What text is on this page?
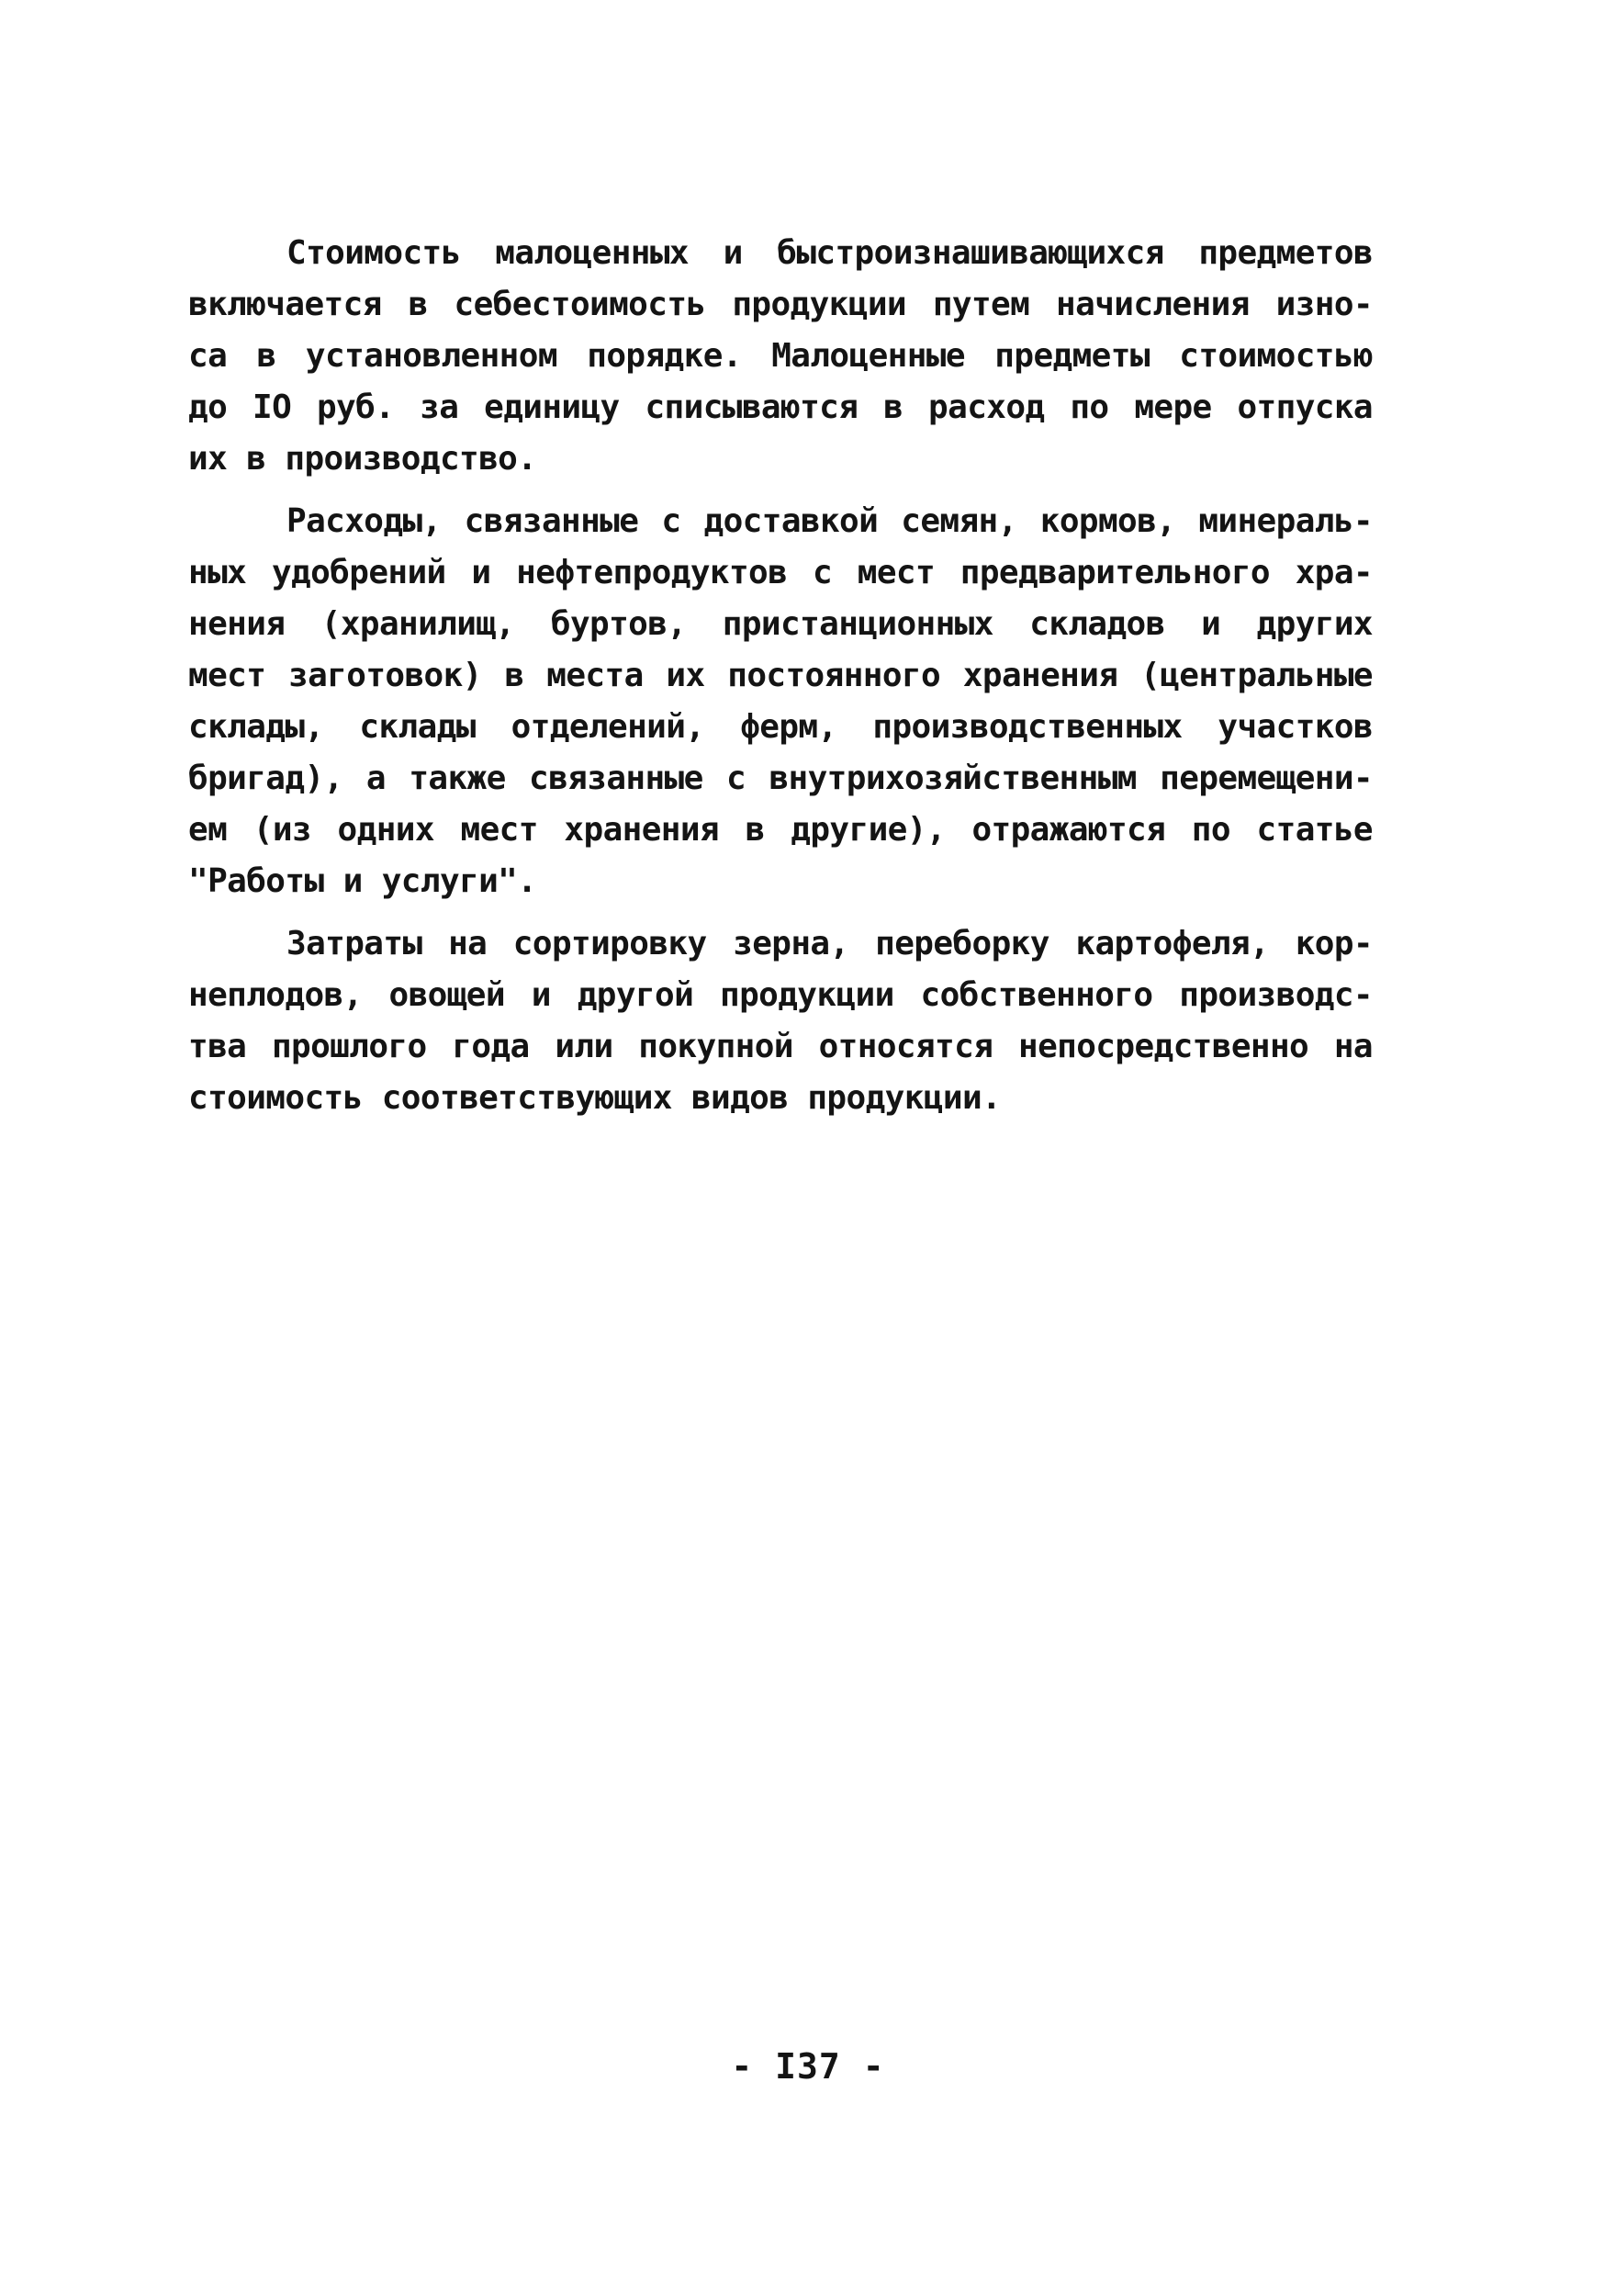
Стоимость малоценных и быстроизнашивающихся предметов
включается в себестоимость продукции путем начисления изно-
са в установленном порядке. Малоценные предметы стоимостью
до IO руб. за единицу списываются в расход по мере отпуска
их в производство.
Расходы, связанные с доставкой семян, кормов, минераль-
ных удобрений и нефтепродуктов с мест предварительного хра-
нения (хранилищ, буртов, пристанционных складов и других
мест заготовок) в места их постоянного хранения (центральные
склады, склады отделений, ферм, производственных участков
бригад), а также связанные с внутрихозяйственным перемещени-
ем (из одних мест хранения в другие), отражаются по статье
"Работы и услуги".
Затраты на сортировку зерна, переборку картофеля, кор-
неплодов, овощей и другой продукции собственного производс-
тва прошлого года или покупной относятся непосредственно на
стоимость соответствующих видов продукции.
- I37 -
